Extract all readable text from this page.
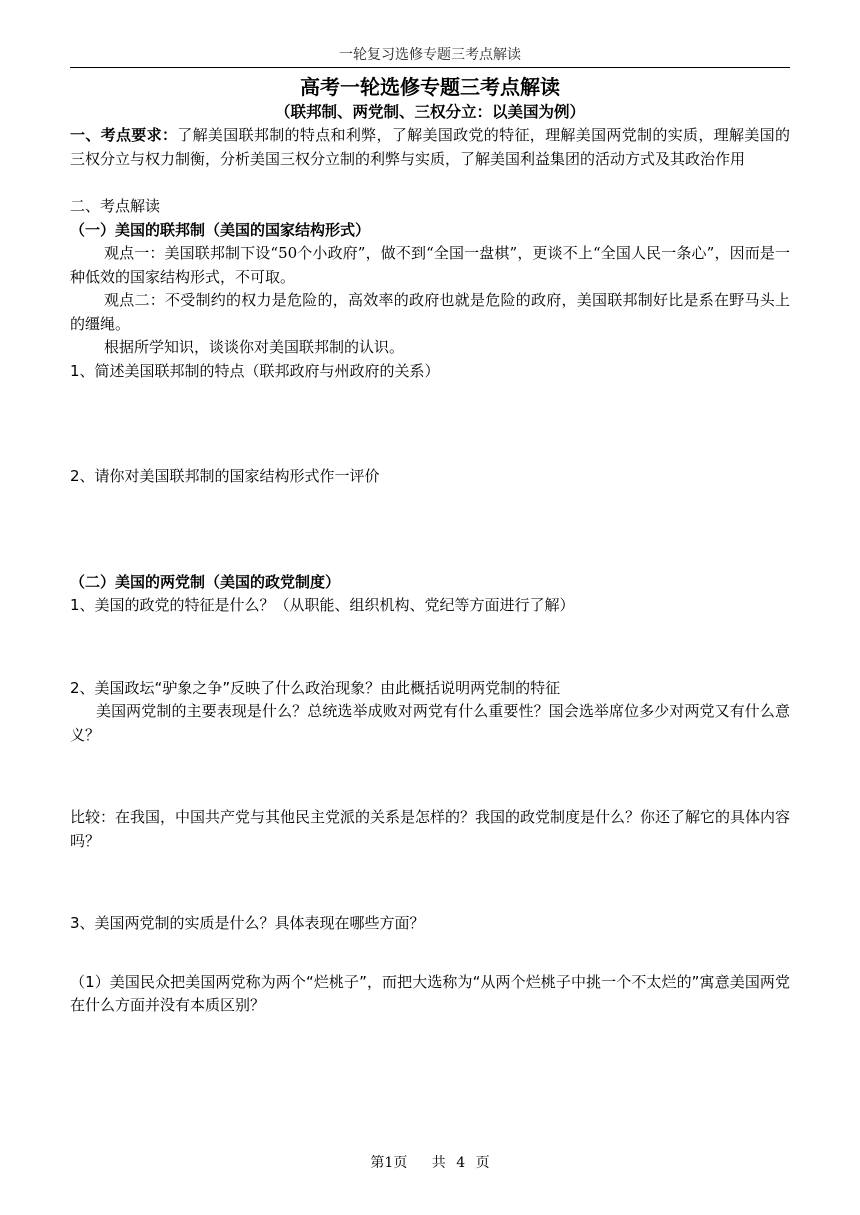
一轮复习选修专题三考点解读

高考一轮选修专题三考点解读

（联邦制、两党制、三权分立：以美国为例）

一、考点要求：了解美国联邦制的特点和利弊，了解美国政党的特征，理解美国两党制的实质，理解美国的三权分立与权力制衡，分析美国三权分立制的利弊与实质，了解美国利益集团的活动方式及其政治作用

二、考点解读

（一）美国的联邦制（美国的国家结构形式）

观点一：美国联邦制下设“50个小政府”，做不到“全国一盘棋”，更谈不上“全国人民一条心”，因而是一种低效的国家结构形式，不可取。

观点二：不受制约的权力是危险的，高效率的政府也就是危险的政府，美国联邦制好比是系在野马头上的缰绳。

根据所学知识，谈谈你对美国联邦制的认识。

1、简述美国联邦制的特点（联邦政府与州政府的关系）

2、请你对美国联邦制的国家结构形式作一评价

（二）美国的两党制（美国的政党制度）

1、美国的政党的特征是什么？（从职能、组织机构、党纪等方面进行了解）

2、美国政坛“驴象之争”反映了什么政治现象？由此概括说明两党制的特征

美国两党制的主要表现是什么？总统选举成败对两党有什么重要性？国会选举席位多少对两党又有什么意义？

比较：在我国，中国共产党与其他民主党派的关系是怎样的？我国的政党制度是什么？你还了解它的具体内容吗？

3、美国两党制的实质是什么？具体表现在哪些方面？

（1）美国民众把美国两党称为两个“烂桃子”，而把大选称为“从两个烂桃子中挑一个不太烂的”寓意美国两党在什么方面并没有本质区别？

第1页　 共 4 页
